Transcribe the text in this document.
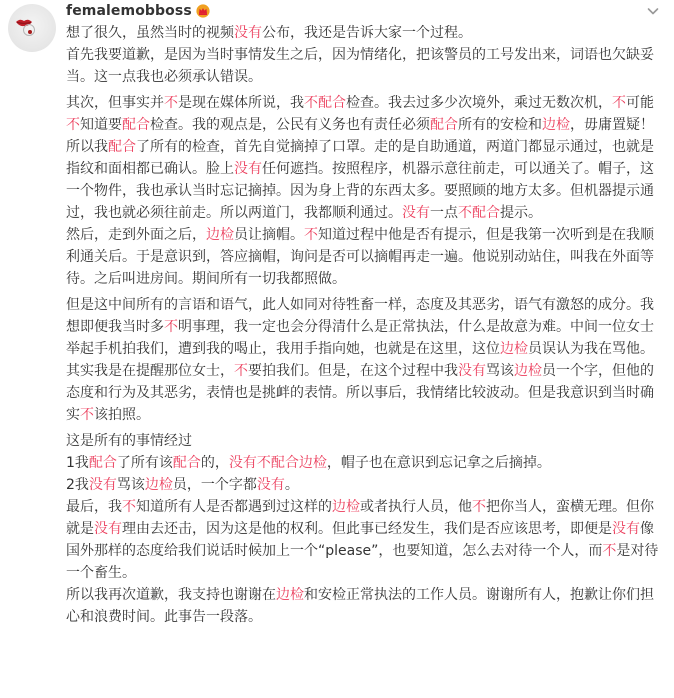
femalemobboss

想了很久，虽然当时的视频没有公布，我还是告诉大家一个过程。

首先我要道歉，是因为当时事情发生之后，因为情绪化，把该警员的工号发出来，词语也欠缺妥当。这一点我也必须承认错误。

其次，但事实并不是现在媒体所说，我不配合检查。我去过多少次境外，乘过无数次机，不可能不知道要配合检查。我的观点是，公民有义务也有责任必须配合所有的安检和边检，毋庸置疑！

所以我配合了所有的检查，首先自觉摘掉了口罩。走的是自助通道，两道门都显示通过，也就是指纹和面相都已确认。脸上没有任何遮挡。按照程序，机器示意往前走，可以通关了。帽子，这一个物件，我也承认当时忘记摘掉。因为身上背的东西太多。要照顾的地方太多。但机器提示通过，我也就必须往前走。所以两道门，我都顺利通过。没有一点不配合提示。

然后，走到外面之后，边检员让摘帽。不知道过程中他是否有提示，但是我第一次听到是在我顺利通关后。于是意识到，答应摘帽，询问是否可以摘帽再走一遍。他说别动站住，叫我在外面等待。之后叫进房间。期间所有一切我都照做。

但是这中间所有的言语和语气，此人如同对待牲畜一样，态度及其恶劣，语气有激怒的成分。我想即便我当时多不明事理，我一定也会分得清什么是正常执法，什么是故意为难。中间一位女士举起手机拍我们，遭到我的喝止，我用手指向她，也就是在这里，这位边检员误认为我在骂他。

其实我是在提醒那位女士，不要拍我们。但是，在这个过程中我没有骂该边检员一个字，但他的态度和行为及其恶劣，表情也是挑衅的表情。所以事后，我情绪比较波动。但是我意识到当时确实不该拍照。

这是所有的事情经过

1我配合了所有该配合的，没有不配合边检，帽子也在意识到忘记拿之后摘掉。

2我没有骂该边检员，一个字都没有。

最后，我不知道所有人是否都遇到过这样的边检或者执行人员，他不把你当人，蛮横无理。但你就是没有理由去还击，因为这是他的权利。但此事已经发生，我们是否应该思考，即便是没有像国外那样的态度给我们说话时候加上一个“please”，也要知道，怎么去对待一个人，而不是对待一个畜生。

所以我再次道歉，我支持也谢谢在边检和安检正常执法的工作人员。谢谢所有人，抱歉让你们担心和浪费时间。此事告一段落。
